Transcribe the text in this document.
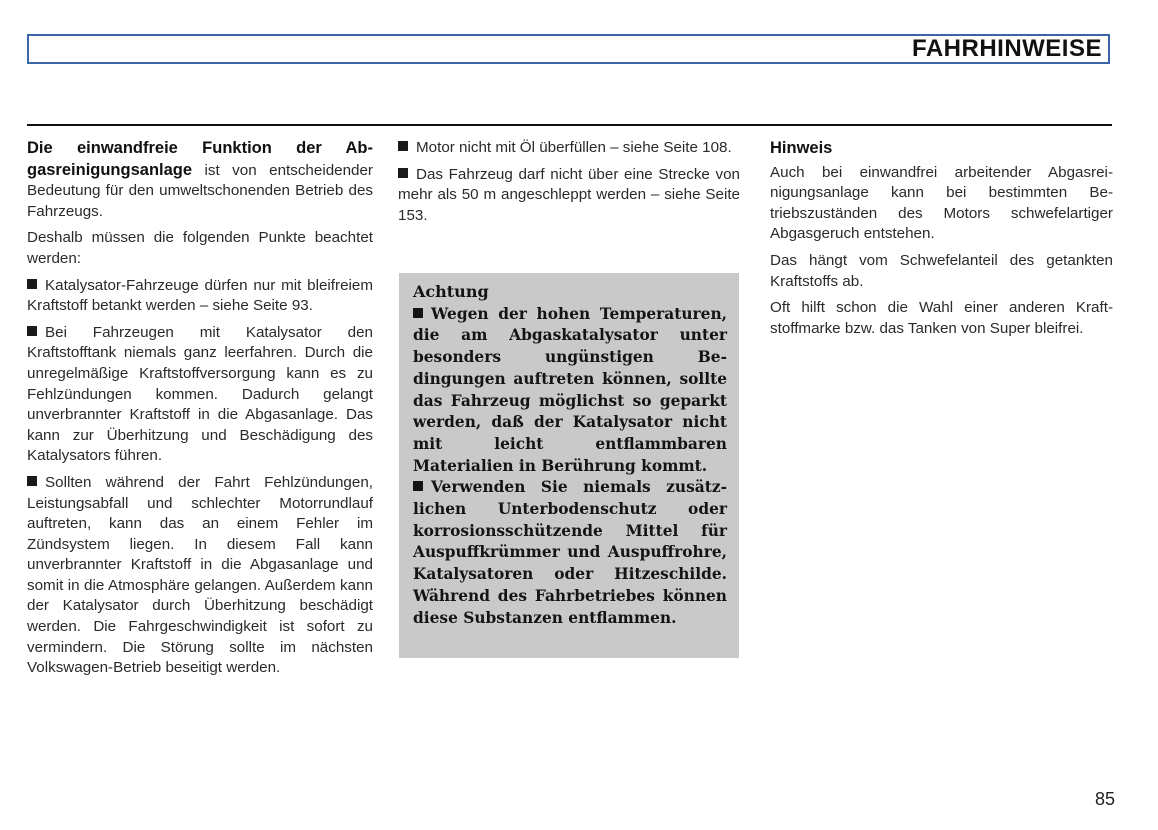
FAHRHINWEISE

Die einwandfreie Funktion der Abgasreinigungsanlage ist von entscheidender Bedeutung für den umweltschonenden Betrieb des Fahrzeugs.

Deshalb müssen die folgenden Punkte beachtet werden:

Katalysator-Fahrzeuge dürfen nur mit bleifreiem Kraftstoff betankt werden – siehe Seite 93.

Bei Fahrzeugen mit Katalysator den Kraftstofftank niemals ganz leerfahren. Durch die unregelmäßige Kraftstoffversorgung kann es zu Fehlzündungen kommen. Dadurch gelangt unverbrannter Kraftstoff in die Abgasanlage. Das kann zur Überhitzung und Beschädigung des Katalysators führen.

Sollten während der Fahrt Fehlzündungen, Leistungsabfall und schlechter Motorrundlauf auftreten, kann das an einem Fehler im Zündsystem liegen. In diesem Fall kann unverbrannter Kraftstoff in die Abgasanlage und somit in die Atmosphäre gelangen. Außerdem kann der Katalysator durch Überhitzung beschädigt werden. Die Fahrgeschwindigkeit ist sofort zu vermindern. Die Störung sollte im nächsten Volkswagen-Betrieb beseitigt werden.

Motor nicht mit Öl überfüllen – siehe Seite 108.

Das Fahrzeug darf nicht über eine Strecke von mehr als 50 m angeschleppt werden – siehe Seite 153.

Achtung

Wegen der hohen Temperaturen, die am Abgaskatalysator unter besonders ungünstigen Bedingungen auftreten können, sollte das Fahrzeug möglichst so geparkt werden, daß der Katalysator nicht mit leicht entflammbaren Materialien in Berührung kommt.

Verwenden Sie niemals zusätzlichen Unterbodenschutz oder korrosionsschützende Mittel für Auspuffkrümmer und Auspuffrohre, Katalysatoren oder Hitzeschilde. Während des Fahrbetriebes können diese Substanzen entflammen.

Hinweis

Auch bei einwandfrei arbeitender Abgasreinigungsanlage kann bei bestimmten Betriebszuständen des Motors schwefelartiger Abgasgeruch entstehen.

Das hängt vom Schwefelanteil des getankten Kraftstoffs ab.

Oft hilft schon die Wahl einer anderen Kraftstoffmarke bzw. das Tanken von Super bleifrei.

85
